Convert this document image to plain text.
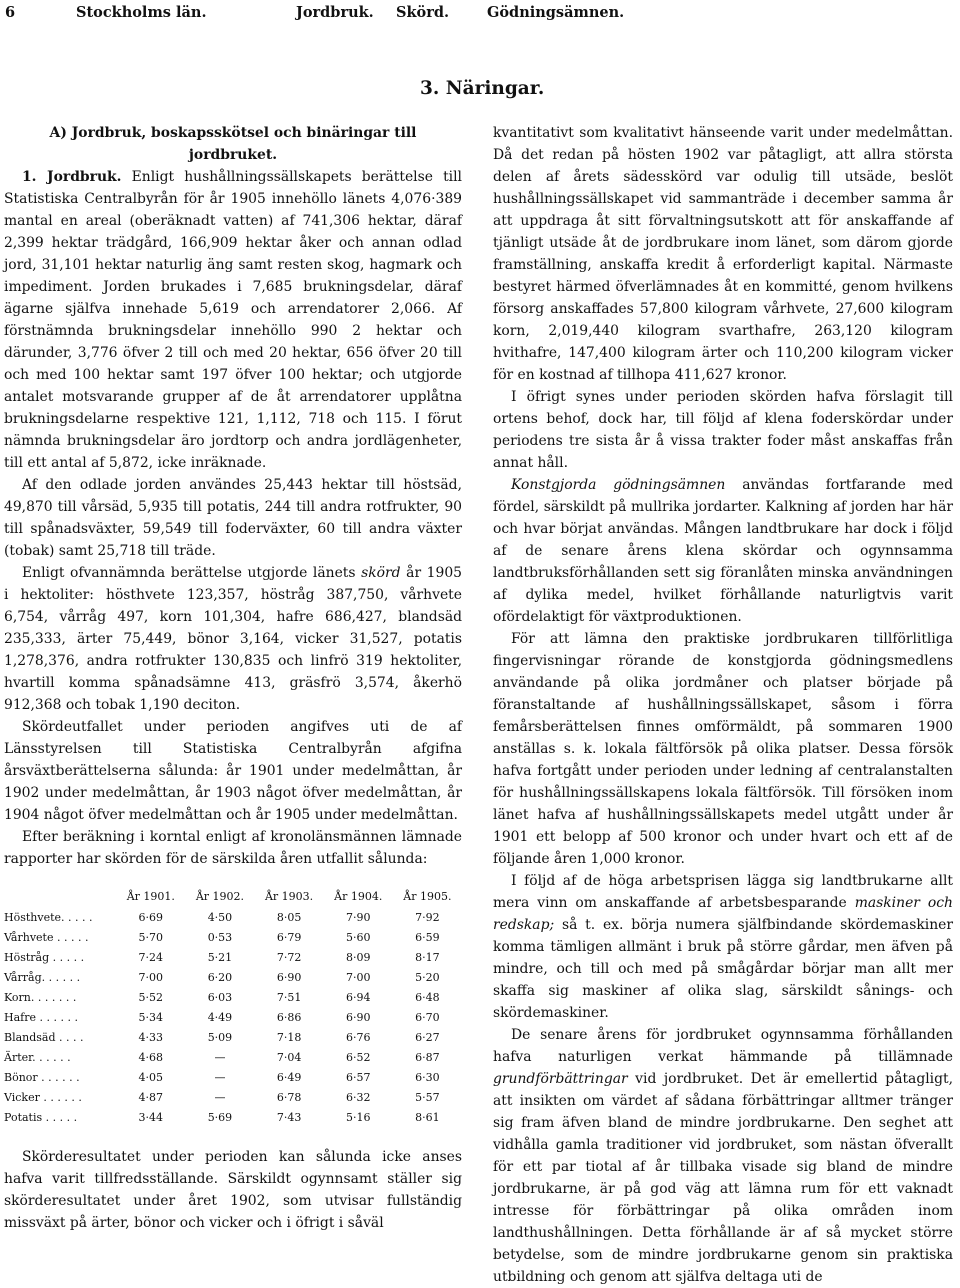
6	Stockholms län.	Jordbruk. Skörd.	Gödningsämnen.
3. Näringar.

A) Jordbruk, boskapsskötsel och binäringar till jordbruket.

1. Jordbruk. Enligt hushållningssällskapets berättelse till Statistiska Centralbyrån för år 1905 innehöllo länets 4,076·389 mantal en areal (oberäknadt vatten) af 741,306 hektar, däraf 2,399 hektar trädgård, 166,909 hektar åker och annan odlad jord, 31,101 hektar naturlig äng samt resten skog, hagmark och impediment. Jorden brukades i 7,685 brukningsdelar, däraf ägarne själfva innehade 5,619 och arrendatorer 2,066. Af förstnämnda brukningsdelar innehöllo 990 2 hektar och därunder, 3,776 öfver 2 till och med 20 hektar, 656 öfver 20 till och med 100 hektar samt 197 öfver 100 hektar; och utgjorde antalet motsvarande grupper af de åt arrendatorer upplåtna brukningsdelarne respektive 121, 1,112, 718 och 115. I förut nämnda brukningsdelar äro jordtorp och andra jordlägenheter, till ett antal af 5,872, icke inräknade.

Af den odlade jorden användes 25,443 hektar till höstsäd, 49,870 till vårsäd, 5,935 till potatis, 244 till andra rotfrukter, 90 till spånadsväxter, 59,549 till foderväxter, 60 till andra växter (tobak) samt 25,718 till träde.

Enligt ofvannämnda berättelse utgjorde länets skörd år 1905 i hektoliter: hösthvete 123,357, höstråg 387,750, vårhvete 6,754, vårråg 497, korn 101,304, hafre 686,427, blandsäd 235,333, ärter 75,449, bönor 3,164, vicker 31,527, potatis 1,278,376, andra rotfrukter 130,835 och linfrö 319 hektoliter, hvartill komma spånadsämne 413, gräsfrö 3,574, åkerhö 912,368 och tobak 1,190 deciton.

Skördeutfallet under perioden angifves uti de af Länsstyrelsen till Statistiska Centralbyrån afgifna årsväxtberättelserna sålunda: år 1901 under medelmåttan, år 1902 under medelmåttan, år 1903 något öfver medelmåttan, år 1904 något öfver medelmåttan och år 1905 under medelmåttan.

Efter beräkning i korntal enligt af kronolänsmännen lämnade rapporter har skörden för de särskilda åren utfallit sålunda:

	År 1901.	År 1902.	År 1903.	År 1904.	År 1905.
Hösthvete. . . . .	6·69	4·50	8·05	7·90	7·92
Vårhvete . . . . .	5·70	0·53	6·79	5·60	6·59
Höstråg . . . . .	7·24	5·21	7·72	8·09	8·17
Vårråg. . . . . .	7·00	6·20	6·90	7·00	5·20
Korn. . . . . . .	5·52	6·03	7·51	6·94	6·48
Hafre . . . . . .	5·34	4·49	6·86	6·90	6·70
Blandsäd . . . .	4·33	5·09	7·18	6·76	6·27
Ärter. . . . . .	4·68	—	7·04	6·52	6·87
Bönor . . . . . .	4·05	—	6·49	6·57	6·30
Vicker . . . . . .	4·87	—	6·78	6·32	5·57
Potatis . . . . .	3·44	5·69	7·43	5·16	8·61

Skörderesultatet under perioden kan sålunda icke anses hafva varit tillfredsställande. Särskildt ogynnsamt ställer sig skörderesultatet under året 1902, som utvisar fullständig missväxt på ärter, bönor och vicker och i öfrigt i såväl

kvantitativt som kvalitativt hänseende varit under medelmåttan. Då det redan på hösten 1902 var påtagligt, att allra största delen af årets sädesskörd var odulig till utsäde, beslöt hushållningssällskapet vid sammanträde i december samma år att uppdraga åt sitt förvaltningsutskott att för anskaffande af tjänligt utsäde åt de jordbrukare inom länet, som därom gjorde framställning, anskaffa kredit å erforderligt kapital. Närmaste bestyret härmed öfverlämnades åt en kommitté, genom hvilkens försorg anskaffades 57,800 kilogram vårhvete, 27,600 kilogram korn, 2,019,440 kilogram svarthafre, 263,120 kilogram hvithafre, 147,400 kilogram ärter och 110,200 kilogram vicker för en kostnad af tillhopa 411,627 kronor.

I öfrigt synes under perioden skörden hafva förslagit till ortens behof, dock har, till följd af klena foderskördar under periodens tre sista år å vissa trakter foder måst anskaffas från annat håll.

Konstgjorda gödningsämnen användas fortfarande med fördel, särskildt på mullrika jordarter. Kalkning af jorden har här och hvar börjat användas. Mången landtbrukare har dock i följd af de senare årens klena skördar och ogynnsamma landtbruksförhållanden sett sig föranlåten minska användningen af dylika medel, hvilket förhållande naturligtvis varit ofördelaktigt för växtproduktionen.

För att lämna den praktiske jordbrukaren tillförlitliga fingervisningar rörande de konstgjorda gödningsmedlens användande på olika jordmåner och platser började på föranstaltande af hushållningssällskapet, såsom i förra femårsberättelsen finnes omförmäldt, på sommaren 1900 anställas s. k. lokala fältförsök på olika platser. Dessa försök hafva fortgått under perioden under ledning af centralanstalten för hushållningssällskapens lokala fältförsök. Till försöken inom länet hafva af hushållningssällskapets medel utgått under år 1901 ett belopp af 500 kronor och under hvart och ett af de följande åren 1,000 kronor.

I följd af de höga arbetsprisen lägga sig landtbrukarne allt mera vinn om anskaffande af arbetsbesparande maskiner och redskap; så t. ex. börja numera själfbindande skördemaskiner komma tämligen allmänt i bruk på större gårdar, men äfven på mindre, och till och med på smågårdar börjar man allt mer skaffa sig maskiner af olika slag, särskildt sånings- och skördemaskiner.

De senare årens för jordbruket ogynnsamma förhållanden hafva naturligen verkat hämmande på tillämnade grundförbättringar vid jordbruket. Det är emellertid påtagligt, att insikten om värdet af sådana förbättringar alltmer tränger sig fram äfven bland de mindre jordbrukarne. Den seghet att vidhålla gamla traditioner vid jordbruket, som nästan öfverallt för ett par tiotal af år tillbaka visade sig bland de mindre jordbrukarne, är på god väg att lämna rum för ett vaknadt intresse för förbättringar på olika områden inom landthushållningen. Detta förhållande är af så mycket större betydelse, som de mindre jordbrukarne genom sin praktiska utbildning och genom att själfva deltaga uti de
